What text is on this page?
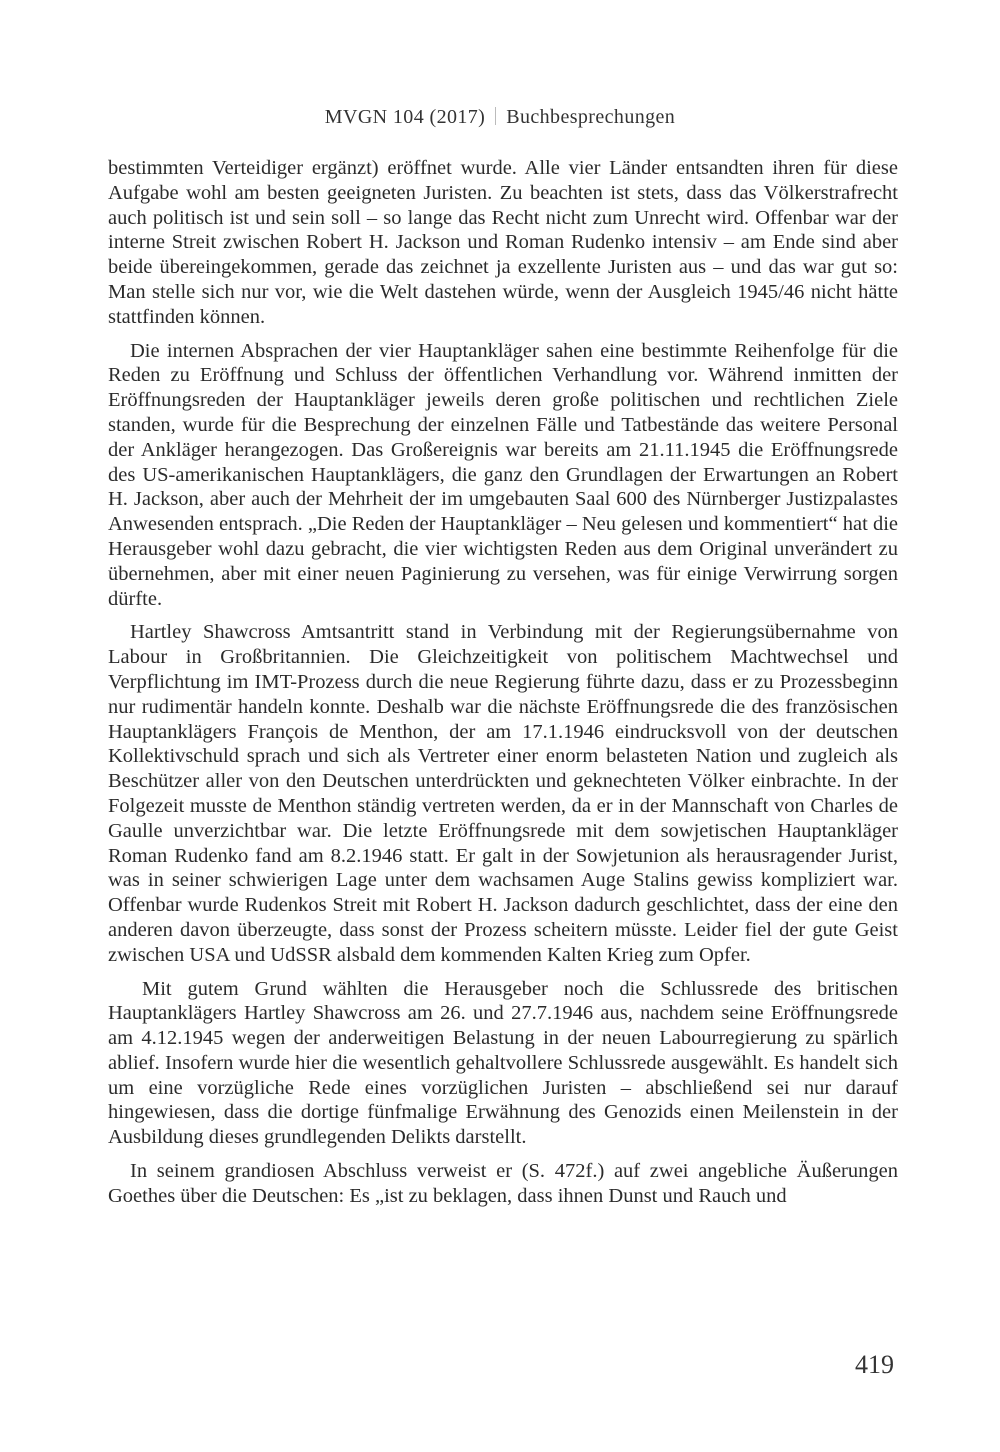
MVGN 104 (2017) Buchbesprechungen

bestimmten Verteidiger ergänzt) eröffnet wurde. Alle vier Länder entsandten ihren für diese Aufgabe wohl am besten geeigneten Juristen. Zu beachten ist stets, dass das Völkerstrafrecht auch politisch ist und sein soll – so lange das Recht nicht zum Unrecht wird. Offenbar war der interne Streit zwischen Robert H. Jackson und Roman Rudenko intensiv – am Ende sind aber beide übereingekommen, gerade das zeichnet ja exzellente Juristen aus – und das war gut so: Man stelle sich nur vor, wie die Welt dastehen würde, wenn der Ausgleich 1945/46 nicht hätte stattfinden können.

Die internen Absprachen der vier Hauptankläger sahen eine bestimmte Reihenfolge für die Reden zu Eröffnung und Schluss der öffentlichen Verhandlung vor. Während inmitten der Eröffnungsreden der Hauptankläger jeweils deren große politischen und rechtlichen Ziele standen, wurde für die Besprechung der einzelnen Fälle und Tatbestände das weitere Personal der Ankläger herangezogen. Das Großereignis war bereits am 21.11.1945 die Eröffnungsrede des US-amerikanischen Hauptanklägers, die ganz den Grundlagen der Erwartungen an Robert H. Jackson, aber auch der Mehrheit der im umgebauten Saal 600 des Nürnberger Justizpalastes Anwesenden entsprach. „Die Reden der Hauptankläger – Neu gelesen und kommentiert“ hat die Herausgeber wohl dazu gebracht, die vier wichtigsten Reden aus dem Original unverändert zu übernehmen, aber mit einer neuen Paginierung zu versehen, was für einige Verwirrung sorgen dürfte.

Hartley Shawcross Amtsantritt stand in Verbindung mit der Regierungsübernahme von Labour in Großbritannien. Die Gleichzeitigkeit von politischem Machtwechsel und Verpflichtung im IMT-Prozess durch die neue Regierung führte dazu, dass er zu Prozessbeginn nur rudimentär handeln konnte. Deshalb war die nächste Eröffnungsrede die des französischen Hauptanklägers François de Menthon, der am 17.1.1946 eindrucksvoll von der deutschen Kollektivschuld sprach und sich als Vertreter einer enorm belasteten Nation und zugleich als Beschützer aller von den Deutschen unterdrückten und geknechteten Völker einbrachte. In der Folgezeit musste de Menthon ständig vertreten werden, da er in der Mannschaft von Charles de Gaulle unverzichtbar war. Die letzte Eröffnungsrede mit dem sowjetischen Hauptankläger Roman Rudenko fand am 8.2.1946 statt. Er galt in der Sowjetunion als herausragender Jurist, was in seiner schwierigen Lage unter dem wachsamen Auge Stalins gewiss kompliziert war. Offenbar wurde Rudenkos Streit mit Robert H. Jackson dadurch geschlichtet, dass der eine den anderen davon überzeugte, dass sonst der Prozess scheitern müsste. Leider fiel der gute Geist zwischen USA und UdSSR alsbald dem kommenden Kalten Krieg zum Opfer.

Mit gutem Grund wählten die Herausgeber noch die Schlussrede des britischen Hauptanklägers Hartley Shawcross am 26. und 27.7.1946 aus, nachdem seine Eröffnungsrede am 4.12.1945 wegen der anderweitigen Belastung in der neuen Labourregierung zu spärlich ablief. Insofern wurde hier die wesentlich gehaltvollere Schlussrede ausgewählt. Es handelt sich um eine vorzügliche Rede eines vorzüglichen Juristen – abschließend sei nur darauf hingewiesen, dass die dortige fünfmalige Erwähnung des Genozids einen Meilenstein in der Ausbildung dieses grundlegenden Delikts darstellt.

In seinem grandiosen Abschluss verweist er (S. 472f.) auf zwei angebliche Äußerungen Goethes über die Deutschen: Es „ist zu beklagen, dass ihnen Dunst und Rauch und

419
